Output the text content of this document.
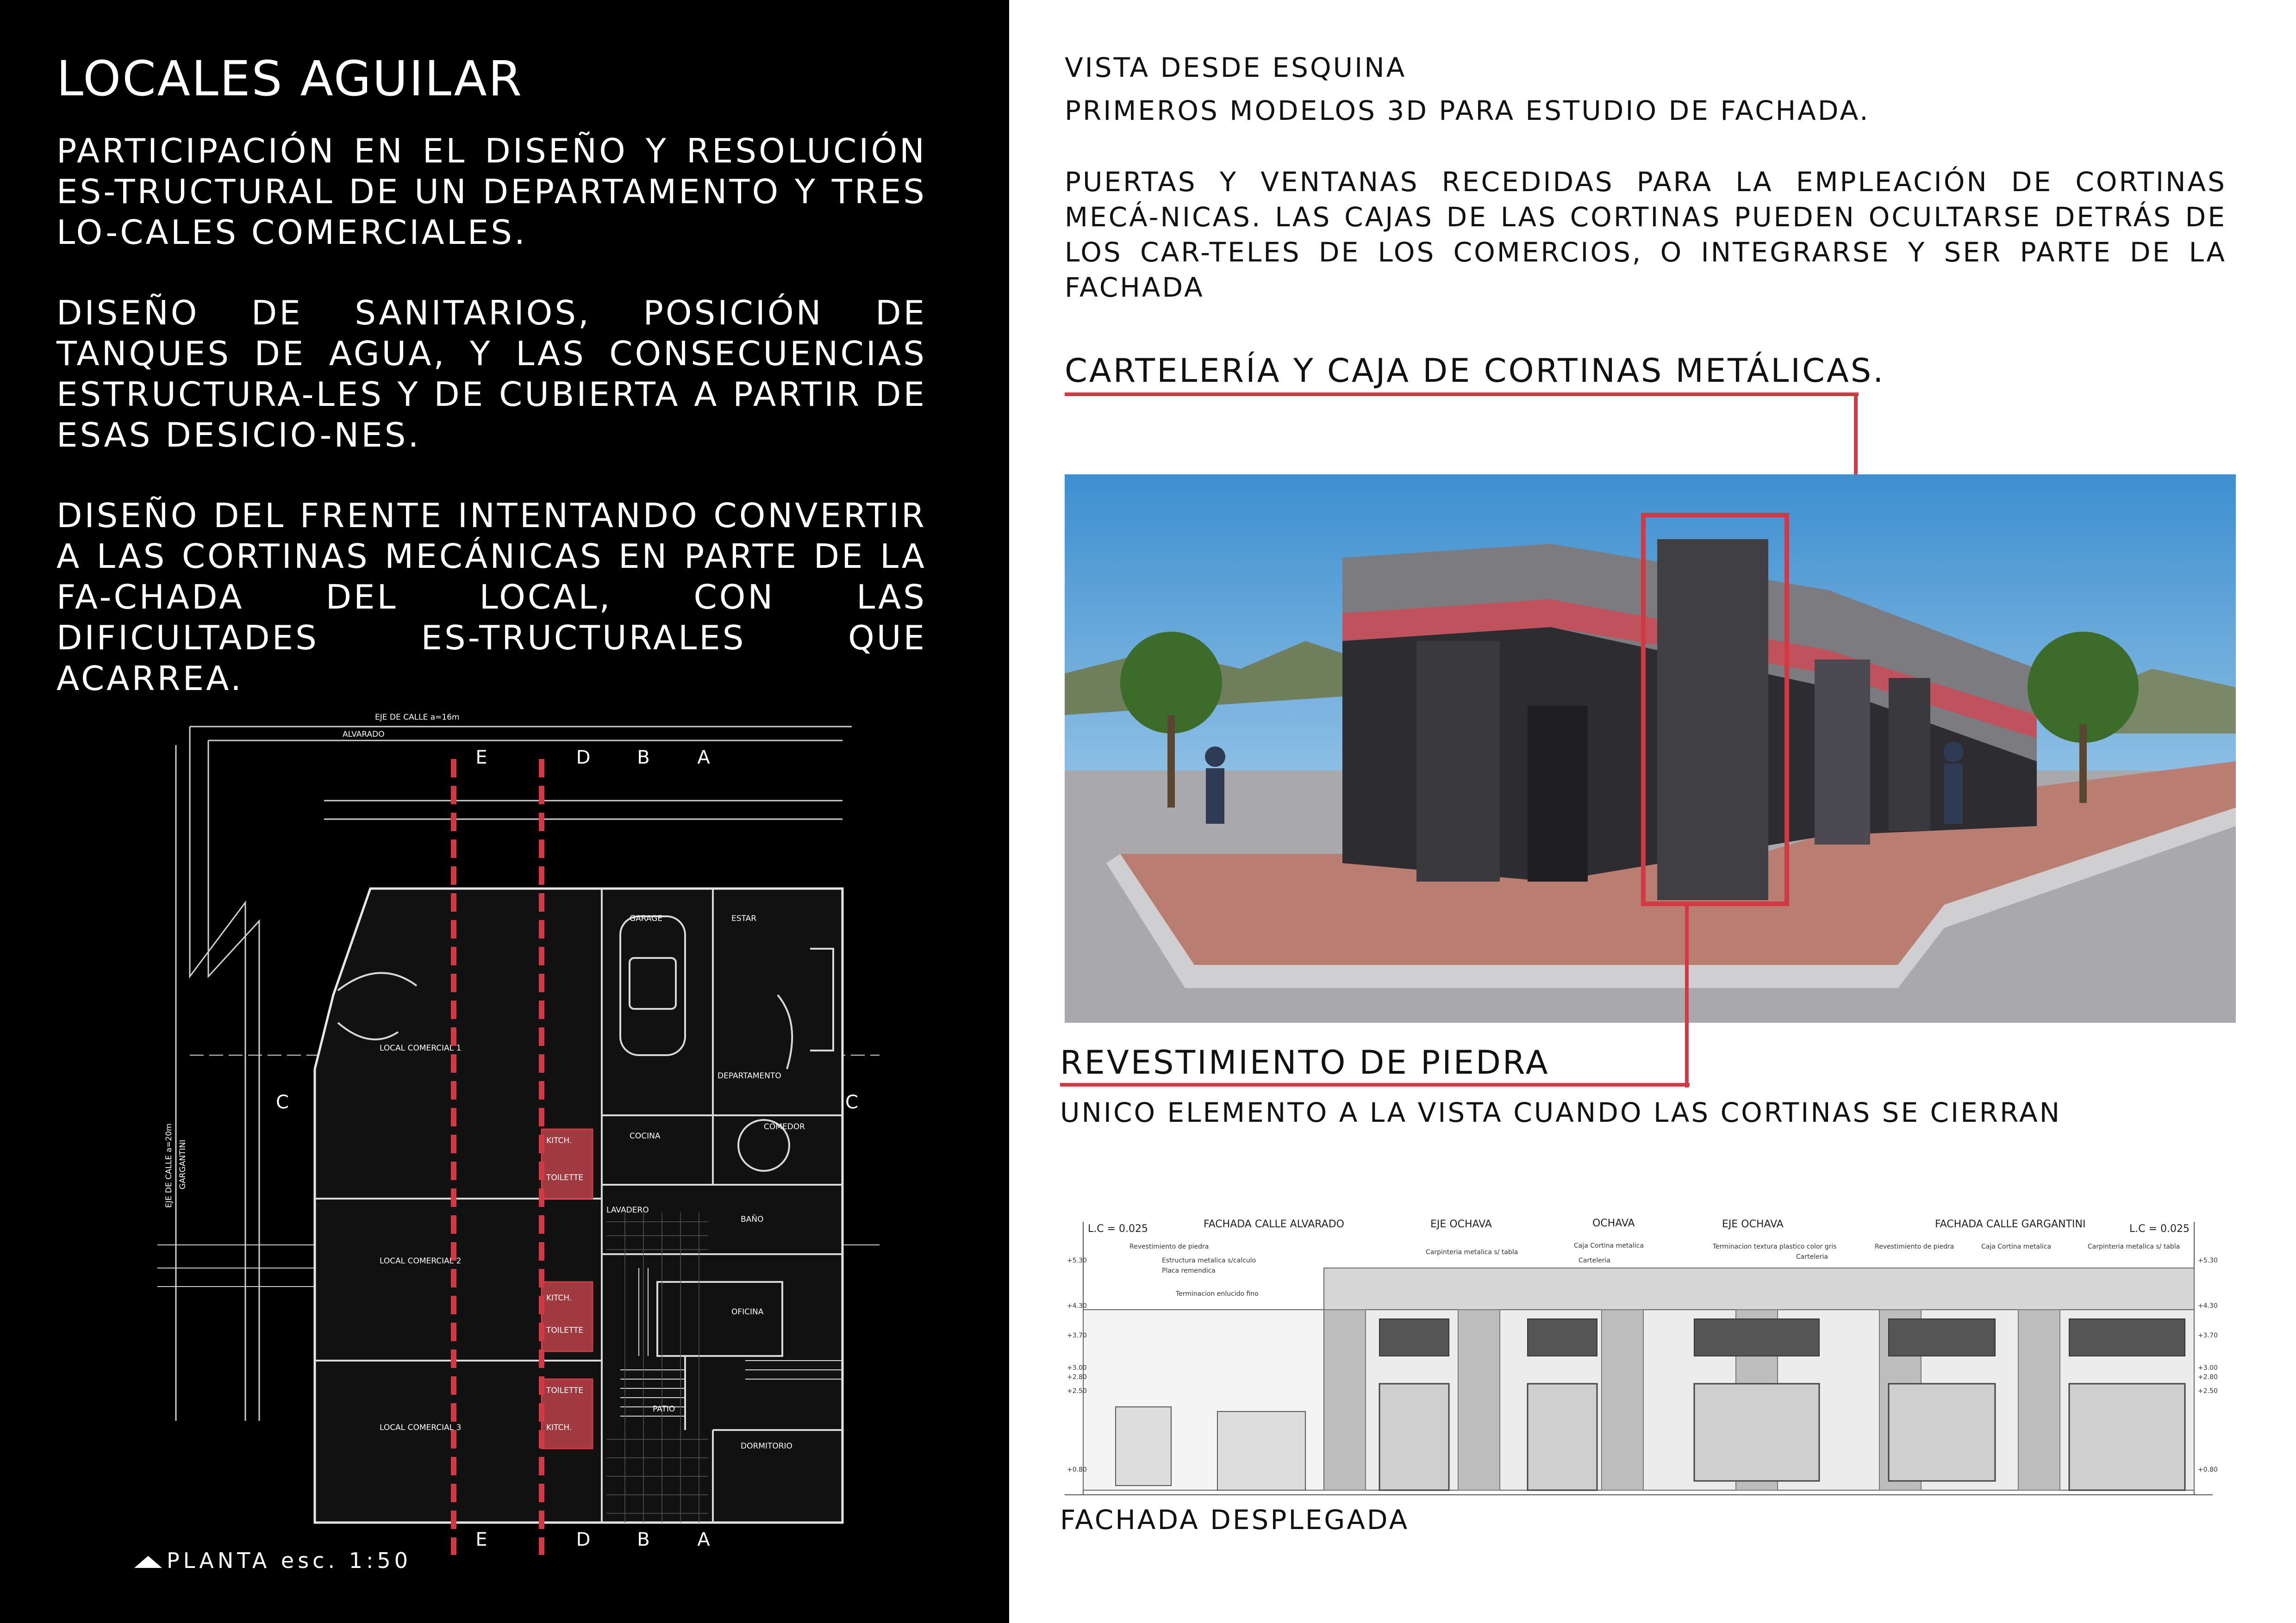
LOCALES AGUILAR

PARTICIPACIÓN EN EL DISEÑO Y RESOLUCIÓN ES-TRUCTURAL DE UN DEPARTAMENTO Y TRES LO-CALES COMERCIALES.

DISEÑO DE SANITARIOS, POSICIÓN DE TANQUES DE AGUA, Y LAS CONSECUENCIAS ESTRUCTURA-LES Y DE CUBIERTA A PARTIR DE ESAS DESICIO-NES.

DISEÑO DEL FRENTE INTENTANDO CONVERTIR A LAS CORTINAS MECÁNICAS EN PARTE DE LA FA-CHADA DEL LOCAL, CON LAS DIFICULTADES ES-TRUCTURALES QUE ACARREA.

E	D	B	A
E	D	B	A
C	C
EJE DE CALLE a=16m
ALVARADO
LOCAL COMERCIAL 1
LOCAL COMERCIAL 2
LOCAL COMERCIAL 3
GARAGE	ESTAR
DEPARTAMENTO
COCINA
COMEDOR
LAVADERO
BAÑO
OFICINA
PATIO
DORMITORIO
KITCH.
TOILETTE
KITCH.
TOILETTE
TOILETTE
KITCH.
EJE DE CALLE a=20m GARGANTINI
PLANTA esc. 1:50
VISTA DESDE ESQUINA
PRIMEROS MODELOS 3D PARA ESTUDIO DE FACHADA.

PUERTAS Y VENTANAS RECEDIDAS PARA LA EMPLEACIÓN DE CORTINAS MECÁ-NICAS. LAS CAJAS DE LAS CORTINAS PUEDEN OCULTARSE DETRÁS DE LOS CAR-TELES DE LOS COMERCIOS, O INTEGRARSE Y SER PARTE DE LA FACHADA

CARTELERÍA Y CAJA DE CORTINAS METÁLICAS.
REVESTIMIENTO DE PIEDRA
UNICO ELEMENTO A LA VISTA CUANDO LAS CORTINAS SE CIERRAN
L.C = 0.025	L.C = 0.025
FACHADA CALLE ALVARADO	EJE OCHAVA	OCHAVA	EJE OCHAVA	FACHADA CALLE GARGANTINI
Revestimiento de piedra
Carpinteria metalica s/ tabla
Caja Cortina metalica
Carteleria
Terminacion textura plastico color gris
Estructura metalica s/calculo
Placa remendica
Terminacion enlucido fino
Carteleria
Revestimiento de piedra	Caja Cortina metalica	Carpinteria metalica s/ tabla
+5.30
+4.30
+3.70
+3.00
+2.80
+2.50
+0.80
+5.30
+4.30
+3.70
+3.00
+2.80
+2.50
+0.80
FACHADA DESPLEGADA
